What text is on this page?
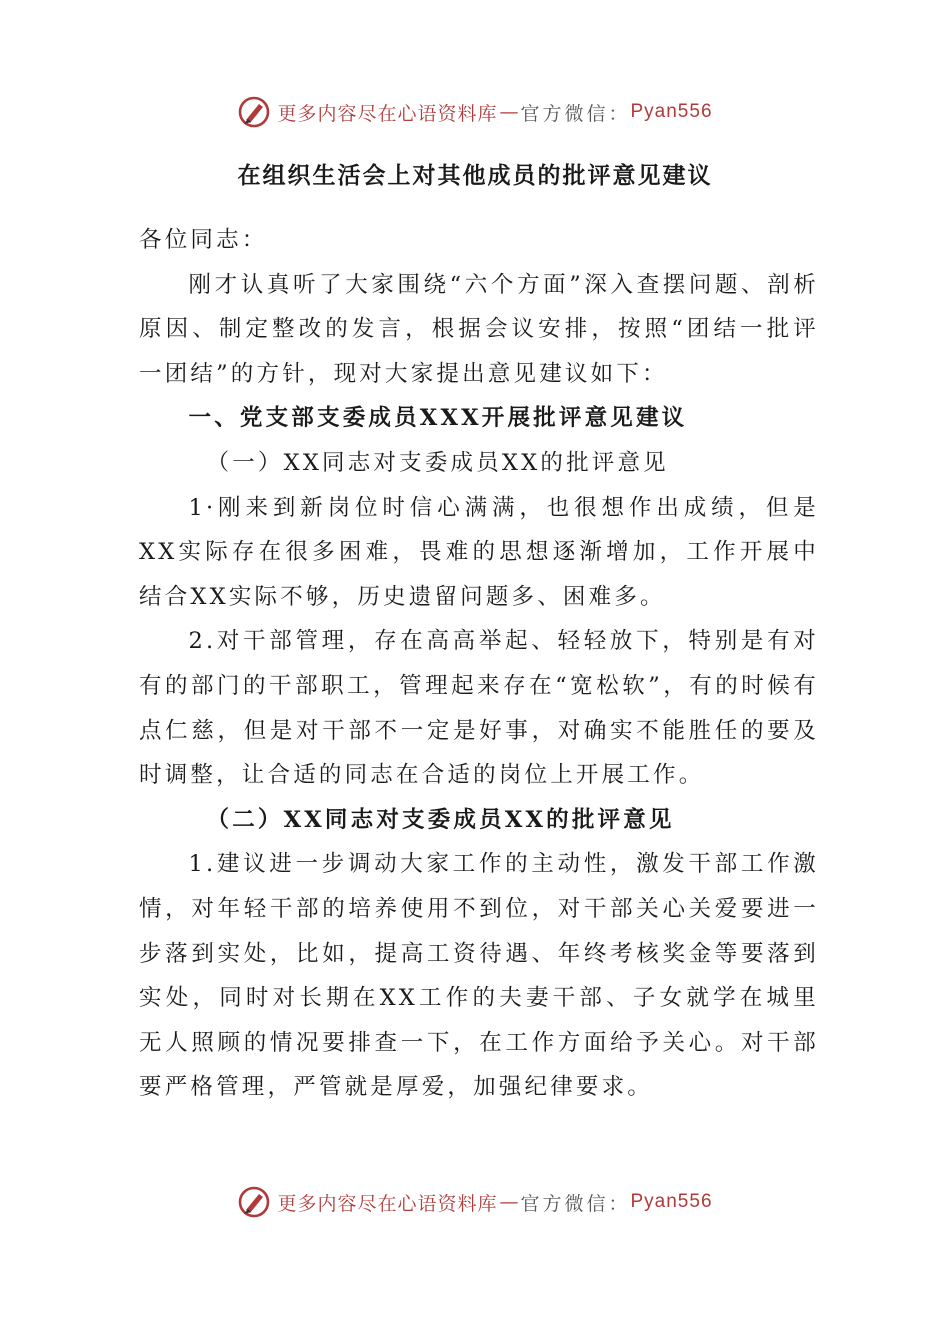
更多内容尽在心语资料库 — 官方微信： Pyan556
在组织生活会上对其他成员的批评意见建议

各位同志：

刚才认真听了大家围绕“六个方面”深入查摆问题、剖析原因、制定整改的发言，根据会议安排，按照“团结一批评一团结”的方针，现对大家提出意见建议如下：

一、党支部支委成员XXX开展批评意见建议

（一）XX同志对支委成员XX的批评意见

1·刚来到新岗位时信心满满，也很想作出成绩，但是XX实际存在很多困难，畏难的思想逐渐增加，工作开展中结合XX实际不够，历史遗留问题多、困难多。

2.对干部管理，存在高高举起、轻轻放下，特别是有对有的部门的干部职工，管理起来存在“宽松软”，有的时候有点仁慈，但是对干部不一定是好事，对确实不能胜任的要及时调整，让合适的同志在合适的岗位上开展工作。

（二）XX同志对支委成员XX的批评意见

1.建议进一步调动大家工作的主动性，激发干部工作激情，对年轻干部的培养使用不到位，对干部关心关爱要进一步落到实处，比如，提高工资待遇、年终考核奖金等要落到实处，同时对长期在XX工作的夫妻干部、子女就学在城里无人照顾的情况要排查一下，在工作方面给予关心。对干部要严格管理，严管就是厚爱，加强纪律要求。

更多内容尽在心语资料库 — 官方微信： Pyan556
